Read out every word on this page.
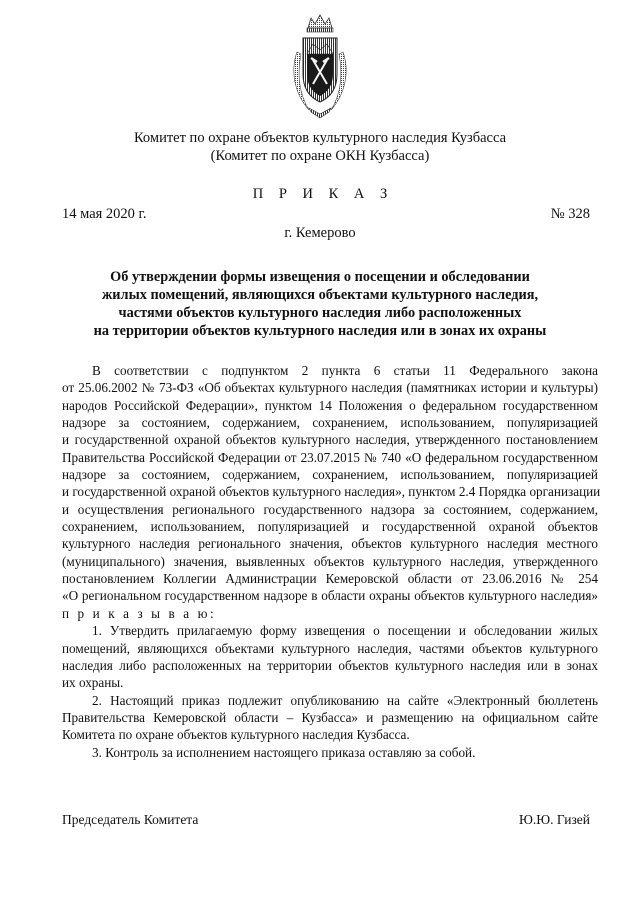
Комитет по охране объектов культурного наследия Кузбасса
(Комитет по охране ОКН Кузбасса)
П Р И К А З
14 мая 2020 г.	№ 328
г. Кемерово
Об утверждении формы извещения о посещении и обследовании
жилых помещений, являющихся объектами культурного наследия,
частями объектов культурного наследия либо расположенных
на территории объектов культурного наследия или в зонах их охраны
В соответствии с подпунктом 2 пункта 6 статьи 11 Федерального закона
от 25.06.2002 № 73-ФЗ «Об объектах культурного наследия (памятниках истории и культуры)
народов Российской Федерации», пунктом 14 Положения о федеральном государственном
надзоре за состоянием, содержанием, сохранением, использованием, популяризацией
и государственной охраной объектов культурного наследия, утвержденного постановлением
Правительства Российской Федерации от 23.07.2015 № 740 «О федеральном государственном
надзоре за состоянием, содержанием, сохранением, использованием, популяризацией
и государственной охраной объектов культурного наследия», пунктом 2.4 Порядка организации
и осуществления регионального государственного надзора за состоянием, содержанием,
сохранением, использованием, популяризацией и государственной охраной объектов
культурного наследия регионального значения, объектов культурного наследия местного
(муниципального) значения, выявленных объектов культурного наследия, утвержденного
постановлением Коллегии Администрации Кемеровской области от 23.06.2016 № 254
«О региональном государственном надзоре в области охраны объектов культурного наследия»
п р и к а з ы в а ю:
1. Утвердить прилагаемую форму извещения о посещении и обследовании жилых
помещений, являющихся объектами культурного наследия, частями объектов культурного
наследия либо расположенных на территории объектов культурного наследия или в зонах
их охраны.
2. Настоящий приказ подлежит опубликованию на сайте «Электронный бюллетень
Правительства Кемеровской области – Кузбасса» и размещению на официальном сайте
Комитета по охране объектов культурного наследия Кузбасса.
3. Контроль за исполнением настоящего приказа оставляю за собой.
Председатель Комитета	Ю.Ю. Гизей
